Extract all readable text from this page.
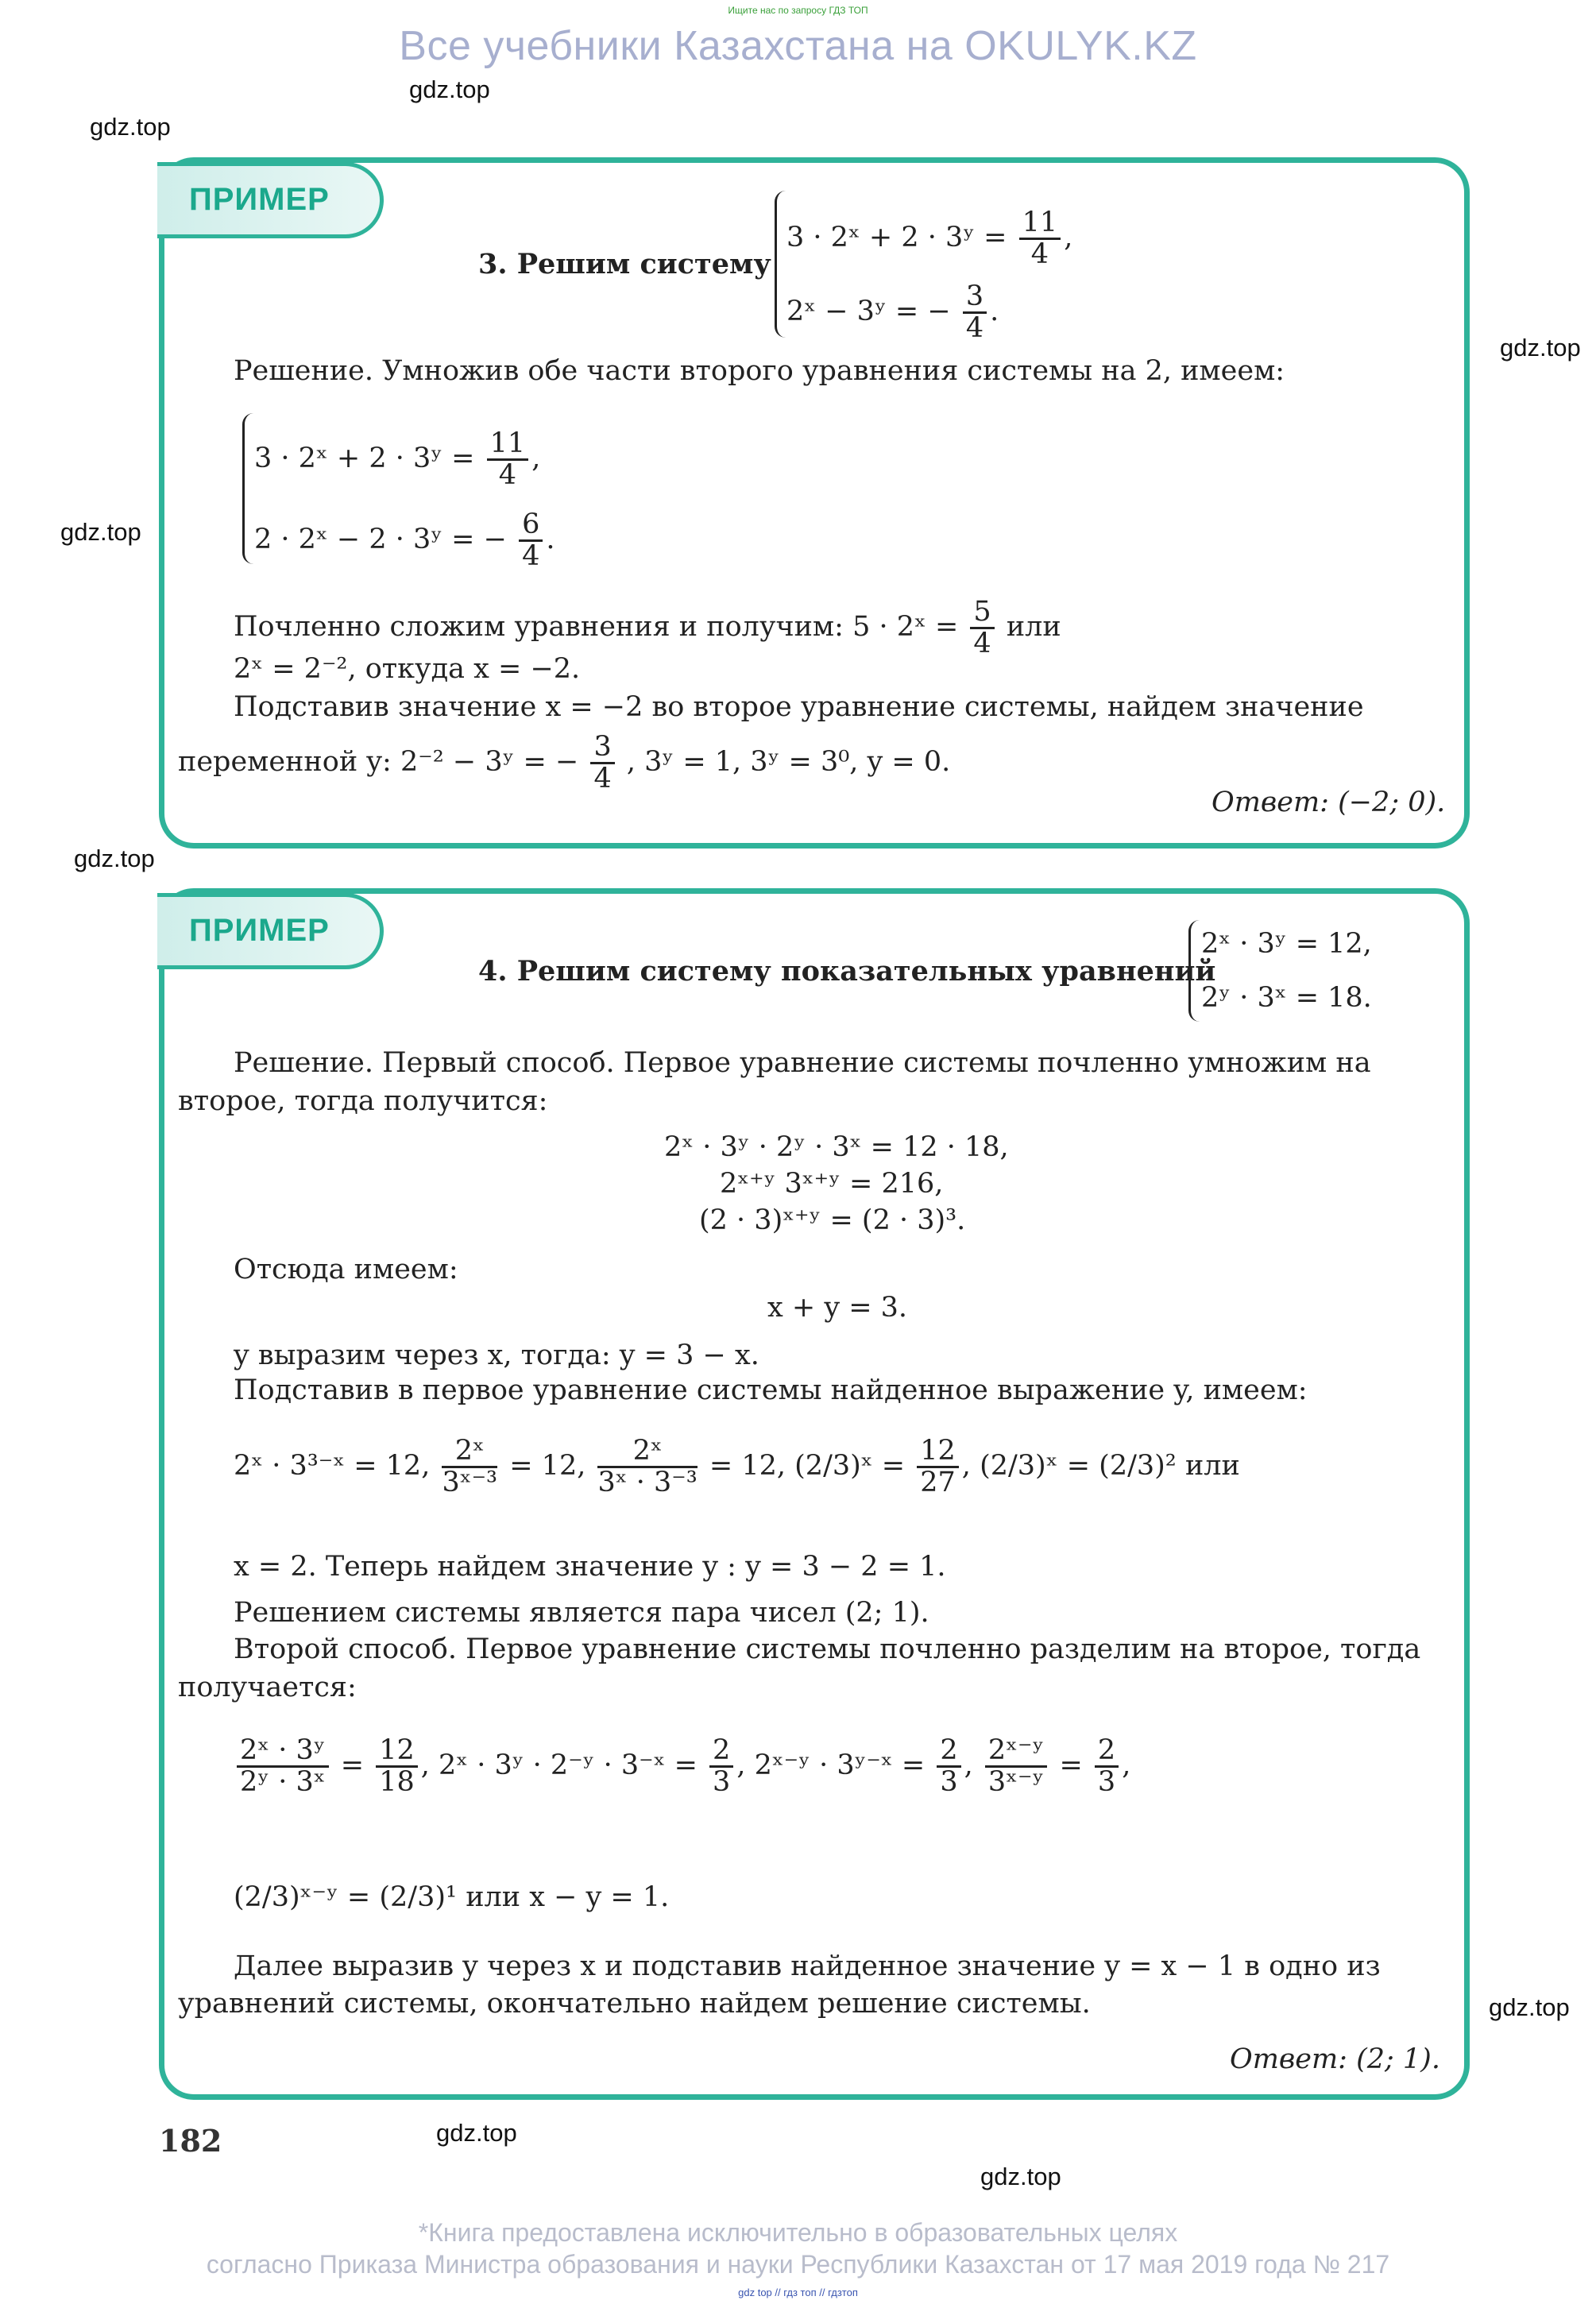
Ищите нас по запросу ГДЗ ТОП
Все учебники Казахстана на OKULYK.KZ
gdz.top
gdz.top
gdz.top
gdz.top
gdz.top
gdz.top
gdz.top
gdz.top
ПРИМЕР
3. Решим систему
3 · 2ˣ + 2 · 3ʸ = $\frac{11}{4}$ ,
2ˣ − 3ʸ = − $\frac{3}{4}$ .
Решение. Умножив обе части второго уравнения системы на 2, имеем:
3 · 2ˣ + 2 · 3ʸ = $\frac{11}{4}$ ,
2 · 2ˣ − 2 · 3ʸ = − $\frac{6}{4}$ .
Почленно сложим уравнения и получим: 5 · 2ˣ = $\frac{5}{4}$ или
2ˣ = 2⁻², откуда x = −2.
Подставив значение x = −2 во второе уравнение системы, найдем значение
переменной y: 2⁻² − 3ʸ = − $\frac{3}{4}$ , 3ʸ = 1, 3ʸ = 3⁰, y = 0.
Ответ: (−2; 0).
ПРИМЕР
4. Решим систему показательных уравнений
2ˣ · 3ʸ = 12,
2ʸ · 3ˣ = 18.
Решение. Первый способ. Первое уравнение системы почленно умножим на
второе, тогда получится:
2ˣ · 3ʸ · 2ʸ · 3ˣ = 12 · 18,
2ˣ⁺ʸ 3ˣ⁺ʸ = 216,
(2 · 3)ˣ⁺ʸ = (2 · 3)³.
Отсюда имеем:
x + y = 3.
y выразим через x, тогда: y = 3 − x.
Подставив в первое уравнение системы найденное выражение y, имеем:
2ˣ · 3³⁻ˣ = 12, $\frac{\text{2ˣ}}{\text{3ˣ⁻³}} = 12$, $\frac{\text{2ˣ}}{\text{3ˣ · 3⁻³}} = 12$, (2/3)ˣ = $\frac{12}{27}$ , (2/3)ˣ = (2/3)² или
x = 2. Теперь найдем значение y : y = 3 − 2 = 1.
Решением системы является пара чисел (2; 1).
Второй способ. Первое уравнение системы почленно разделим на второе, тогда
получается:
$\frac{\text{2ˣ · 3ʸ}}{\text{2ʸ · 3ˣ}} = \frac{12}{18}$ , 2ˣ · 3ʸ · 2⁻ʸ · 3⁻ˣ = $\frac{2}{3}$ , 2ˣ⁻ʸ · 3ʸ⁻ˣ = $\frac{2}{3}$ , $\frac{\text{2ˣ⁻ʸ}}{\text{3ˣ⁻ʸ}} = \frac{2}{3}$ ,
(2/3)ˣ⁻ʸ = (2/3)¹ или x − y = 1.
Далее выразив y через x и подставив найденное значение y = x − 1 в одно из
уравнений системы, окончательно найдем решение системы.
Ответ: (2; 1).
182
*Книга предоставлена исключительно в образовательных целях
согласно Приказа Министра образования и науки Республики Казахстан от 17 мая 2019 года № 217
gdz top // гдз топ // гдзтоп
